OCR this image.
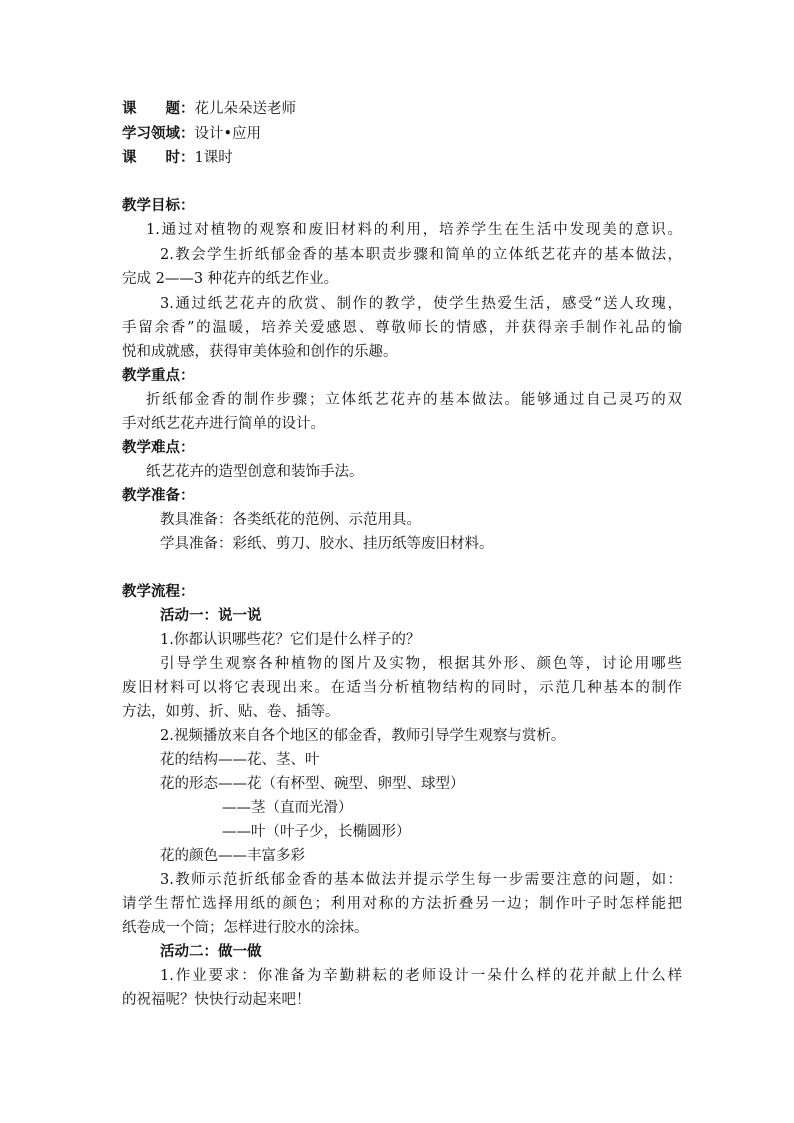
课　　题：花儿朵朵送老师
学习领域：设计•应用
课　　时：1课时
教学目标：
1.通过对植物的观察和废旧材料的利用，培养学生在生活中发现美的意识。
2.教会学生折纸郁金香的基本职责步骤和简单的立体纸艺花卉的基本做法，
完成 2——3 种花卉的纸艺作业。
3.通过纸艺花卉的欣赏、制作的教学，使学生热爱生活，感受“送人玫瑰，
手留余香”的温暖，培养关爱感恩、尊敬师长的情感，并获得亲手制作礼品的愉
悦和成就感，获得审美体验和创作的乐趣。
教学重点：
折纸郁金香的制作步骤；立体纸艺花卉的基本做法。能够通过自己灵巧的双
手对纸艺花卉进行简单的设计。
教学难点：
纸艺花卉的造型创意和装饰手法。
教学准备：
教具准备：各类纸花的范例、示范用具。
学具准备：彩纸、剪刀、胶水、挂历纸等废旧材料。
教学流程：
活动一：说一说
1.你都认识哪些花？它们是什么样子的？
引导学生观察各种植物的图片及实物，根据其外形、颜色等，讨论用哪些
废旧材料可以将它表现出来。在适当分析植物结构的同时，示范几种基本的制作
方法，如剪、折、贴、卷、插等。
2.视频播放来自各个地区的郁金香，教师引导学生观察与赏析。
花的结构——花、茎、叶
花的形态——花（有杯型、碗型、卵型、球型）
——茎（直而光滑）
——叶（叶子少，长椭圆形）
花的颜色——丰富多彩
3.教师示范折纸郁金香的基本做法并提示学生每一步需要注意的问题，如：
请学生帮忙选择用纸的颜色；利用对称的方法折叠另一边；制作叶子时怎样能把
纸卷成一个筒；怎样进行胶水的涂抹。
活动二：做一做
1.作业要求：你准备为辛勤耕耘的老师设计一朵什么样的花并献上什么样
的祝福呢？快快行动起来吧！
